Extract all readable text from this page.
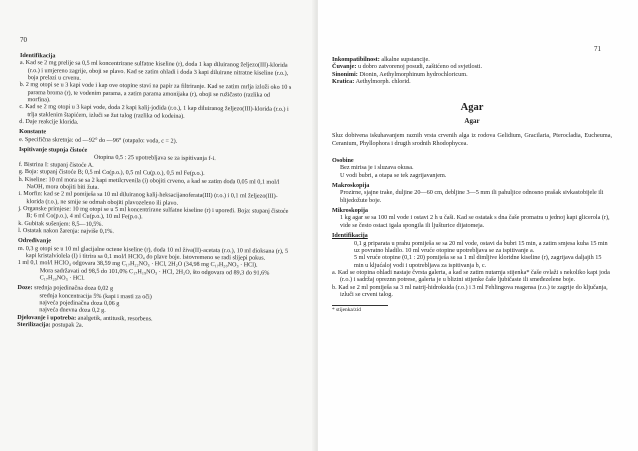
70

Identifikacija

a. Kad se 2 mg prelije sa 0,5 ml koncentrirane sulfatne kiseline (r), doda 1 kap diluiranog željezo(III)-klorida (r.o.) i umjereno zagrije, oboji se plavo. Kad se zatim ohladi i doda 3 kapi diluirane nitratne kiseline (r.o.), boja prelazi u crvenu.

b. 2 mg otopi se u 3 kapi vode i kap ove otopine stavi na papir za filtriranje. Kad se zatim mrlja izloži oko 10 s parama broma (r), te vodenim parama, a zatim parama amonijaka (r), oboji se ružičasto (razlika od morfina).

c. Kad se 2 mg otopi u 3 kapi vode, doda 2 kapi kalij-jodida (r.o.), 1 kap diluiranog željezo(III)-klorida (r.o.) i trlja staklenim štapićem, izluči se žut talog (razlika od kodeina).

d. Daje reakcije klorida.

Konstante

e. Specifična skretnja: od —92° do —96° (otapalo: voda, c = 2).

Ispitivanje stupnja čistoće

Otopina 0,5 : 25 upotrebljava se za ispitivanja f-i.

f. Bistrina I: stupanj čistoće A.

g. Boja: stupanj čistoće B; 0,5 ml Co(p.o.), 0,5 ml Cu(p.o.), 0,5 ml Fe(p.o.).

h. Kiseline: 10 ml mora se sa 2 kapi metilcrvenila (i) obojiti crveno, a kad se zatim doda 0,05 ml 0,1 mol/l NaOH, mora obojiti biti žuta.

i. Morfin: kad se 2 ml pomiješa sa 10 ml diluiranog kalij-heksacijanoferata(III) (r.o.) i 0,1 ml željezo(III)-klorida (r.o.), ne smije se odmah obojiti plavozeleno ili plavo.

j. Organske primjese: 10 mg otopi se u 5 ml koncentrirane sulfatne kiseline (r) i uporedi. Boja: stupanj čistoće B; 6 ml Co(p.o.), 4 ml Cu(p.o.), 10 ml Fe(p.o.).

k. Gubitak sušenjem: 8,5—10,5%.

l. Ostatak nakon žarenja: najviše 0,1%.

Određivanje

m. 0,3 g otopi se u 10 ml glacijalne octene kiseline (r), doda 10 ml živa(II)-acetata (r.o.), 10 ml dioksana (r), 5 kapi kristalviolela (I) i titrira sa 0,1 mol/l HClO₄ do plave boje. Istovremeno se radi slijepi pokus.

1 ml 0,1 mol/l HClO₄ odgovara 38,59 mg C₁₇H₂₂NO₃ · HCl, 2H₂O (34,98 mg C₁₇H₂₀NO₃ · HCl).

Mora sadržavati od 98,5 do 101,0% C₁₇H₁₉NO₃ · HCl, 2H₂O, što odgovara od 89,3 do 91,6% C₁₇H₂₀NO₃ · HCl.

Doze: srednja pojedinačna doza 0,02 g

srednja koncentracija 5% (kapi i masti za oči)

najveća pojedinačna doza 0,06 g

najveća dnevna doza 0,2 g.

Djelovanje i upotreba: analgetik, antitusik, resorbens.

Sterilizacija: postupak 2a.

71

Inkompatibilnost: alkalne supstancije.

Čuvanje: u dobro zatvorenoj posudi, zaštićeno od svjetlosti.

Sinonimi: Dionin, Aethylmorphinum hydrochloricum.

Kratica: Aethylmorph. chlorid.

Agar

Agar

Sluz dobivena iskuhavanjem raznih vrsta crvenih alga iz rodova Gelidium, Gracilaria, Pterocladia, Eucheuma, Ceranium, Phyllophora i drugih srodnih Rhodophycea.

Osobine

Bez mirisa je i sluzava okusa.

U vodi bubri, a otapa se tek zagrijavanjem.

Makroskopija

Prozirne, sjajne trake, duljine 20—60 cm, debljine 3—5 mm ili pahuljice odnosno prašak sivkastobijele ili blijedožute boje.

Mikroskopija

1 kg agar se sa 100 ml vode i ostavi 2 h u čaši. Kad se ostatak s dna čaše promatra u jednoj kapi glicerola (r), vide se često ostaci igala spongila ili ljušturice dijatomeja.

Identifikacija

0,1 g priparata u prahu pomiješa se sa 20 ml vode, ostavi da bubri 15 min, a zatim smjesa kuha 15 min uz povratno hladilo. 10 ml vruće otopine upotrebljava se za ispitivanje a.

5 ml vruće otopine (0,1 : 20) pomiješa se sa 1 ml dimljive kloridne kiseline (r), zagrijava daljajih 15 min u kljućaloj vodi i upotrebljava za ispitivanja b, c.

a. Kad se otopina ohladi nastaje čvrsta galerta, a kad se zatim nutarnja stijenka* čaše ovlaži s nekoliko kapi joda (r.o.) i sadržaj opreznn potrese, galerta je u blizini stijenke čaše ljubičaste ili smeđezelene boje.

b. Kad se 2 ml pomiješa sa 3 ml natrij-hidroksida (r.o.) i 3 ml Fehlingova reagensa (r.o.) te zagrije do ključanja, izluči se crveni talog.

* stijenka/zid
